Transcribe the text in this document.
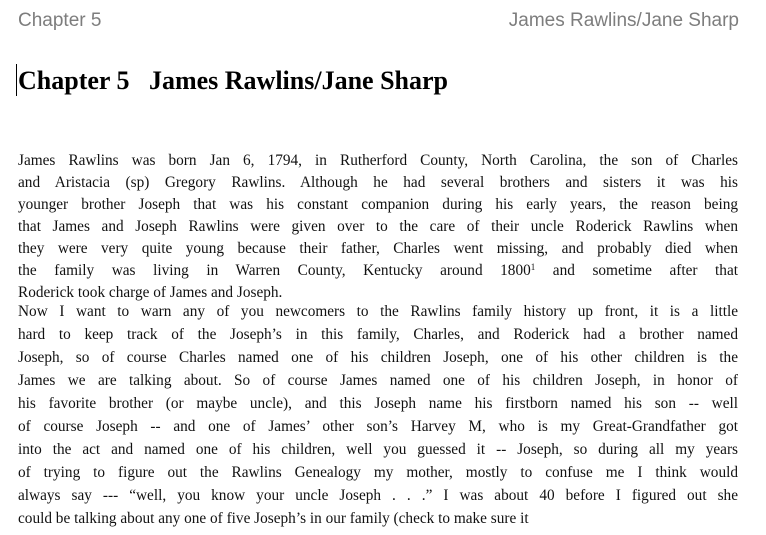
Chapter 5	James Rawlins/Jane Sharp
Chapter 5   James Rawlins/Jane Sharp
James Rawlins was born Jan 6, 1794, in Rutherford County, North Carolina, the son of Charles
and Aristacia (sp) Gregory Rawlins. Although he had several brothers and sisters it was his
younger brother Joseph that was his constant companion during his early years, the reason being
that James and Joseph Rawlins were given over to the care of their uncle Roderick Rawlins when
they were very quite young because their father, Charles went missing, and probably died when
the family was living in Warren County, Kentucky around 1800$^1$ and sometime after that
Roderick took charge of James and Joseph.
Now I want to warn any of you newcomers to the Rawlins family history up front, it is a little
hard to keep track of the Joseph’s in this family, Charles, and Roderick had a brother named
Joseph, so of course Charles named one of his children Joseph, one of his other children is the
James we are talking about. So of course James named one of his children Joseph, in honor of
his favorite brother (or maybe uncle), and this Joseph name his firstborn named his son -- well
of course Joseph -- and one of James’ other son’s Harvey M, who is my Great-Grandfather got
into the act and named one of his children, well you guessed it -- Joseph, so during all my years
of trying to figure out the Rawlins Genealogy my mother, mostly to confuse me I think would
always say --- “well, you know your uncle Joseph . . .” I was about 40 before I figured out she
could be talking about any one of five Joseph’s in our family (check to make sure it
